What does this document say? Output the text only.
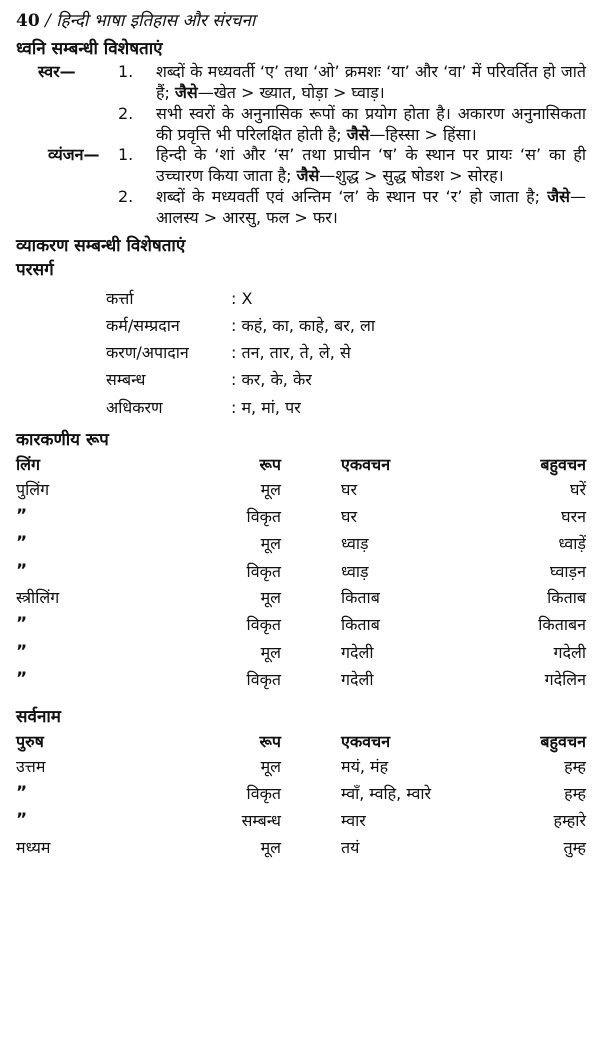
40 / हिन्दी भाषा इतिहास और संरचना
ध्वनि सम्बन्धी विशेषताएं
स्वर—	1.	शब्दों के मध्यवर्ती ‘ए’ तथा ‘ओ’ क्रमशः ‘या’ और ‘वा’ में परिवर्तित हो जाते हैं; जैसे—खेत > ख्यात, घोड़ा > घ्वाड़।
2.	सभी स्वरों के अनुनासिक रूपों का प्रयोग होता है। अकारण अनुनासिकता की प्रवृत्ति भी परिलक्षित होती है; जैसे—हिस्सा > हिंसा।
व्यंजन—	1.	हिन्दी के ‘शां और ‘स’ तथा प्राचीन ‘ष’ के स्थान पर प्रायः ‘स’ का ही उच्चारण किया जाता है; जैसे—शुद्ध > सुद्ध षोडश > सोरह।
2.	शब्दों के मध्यवर्ती एवं अन्तिम ‘ल’ के स्थान पर ‘र’ हो जाता है; जैसे—आलस्य > आरसु, फल > फर।
व्याकरण सम्बन्धी विशेषताएं
परसर्ग
कर्त्ता	: X
कर्म/सम्प्रदान	: कहं, का, काहे, बर, ला
करण/अपादान	: तन, तार, ते, ले, से
सम्बन्ध	: कर, के, केर
अधिकरण	: म, मां, पर
कारकणीय रूप
लिंग	रूप	एकवचन	बहुवचन
पुलिंग	मूल	घर	घरें
”	विकृत	घर	घरन
”	मूल	ध्वाड़	ध्वाड़ें
”	विकृत	ध्वाड़	घ्वाड़न
स्त्रीलिंग	मूल	किताब	किताब
”	विकृत	किताब	किताबन
”	मूल	गदेली	गदेली
”	विकृत	गदेली	गदेलिन
सर्वनाम
पुरुष	रूप	एकवचन	बहुवचन
उत्तम	मूल	मयं, मंह	हम्ह
”	विकृत	म्वाँ, म्वहि, म्वारे	हम्ह
”	सम्बन्ध	म्वार	हम्हारे
मध्यम	मूल	तयं	तुम्ह
